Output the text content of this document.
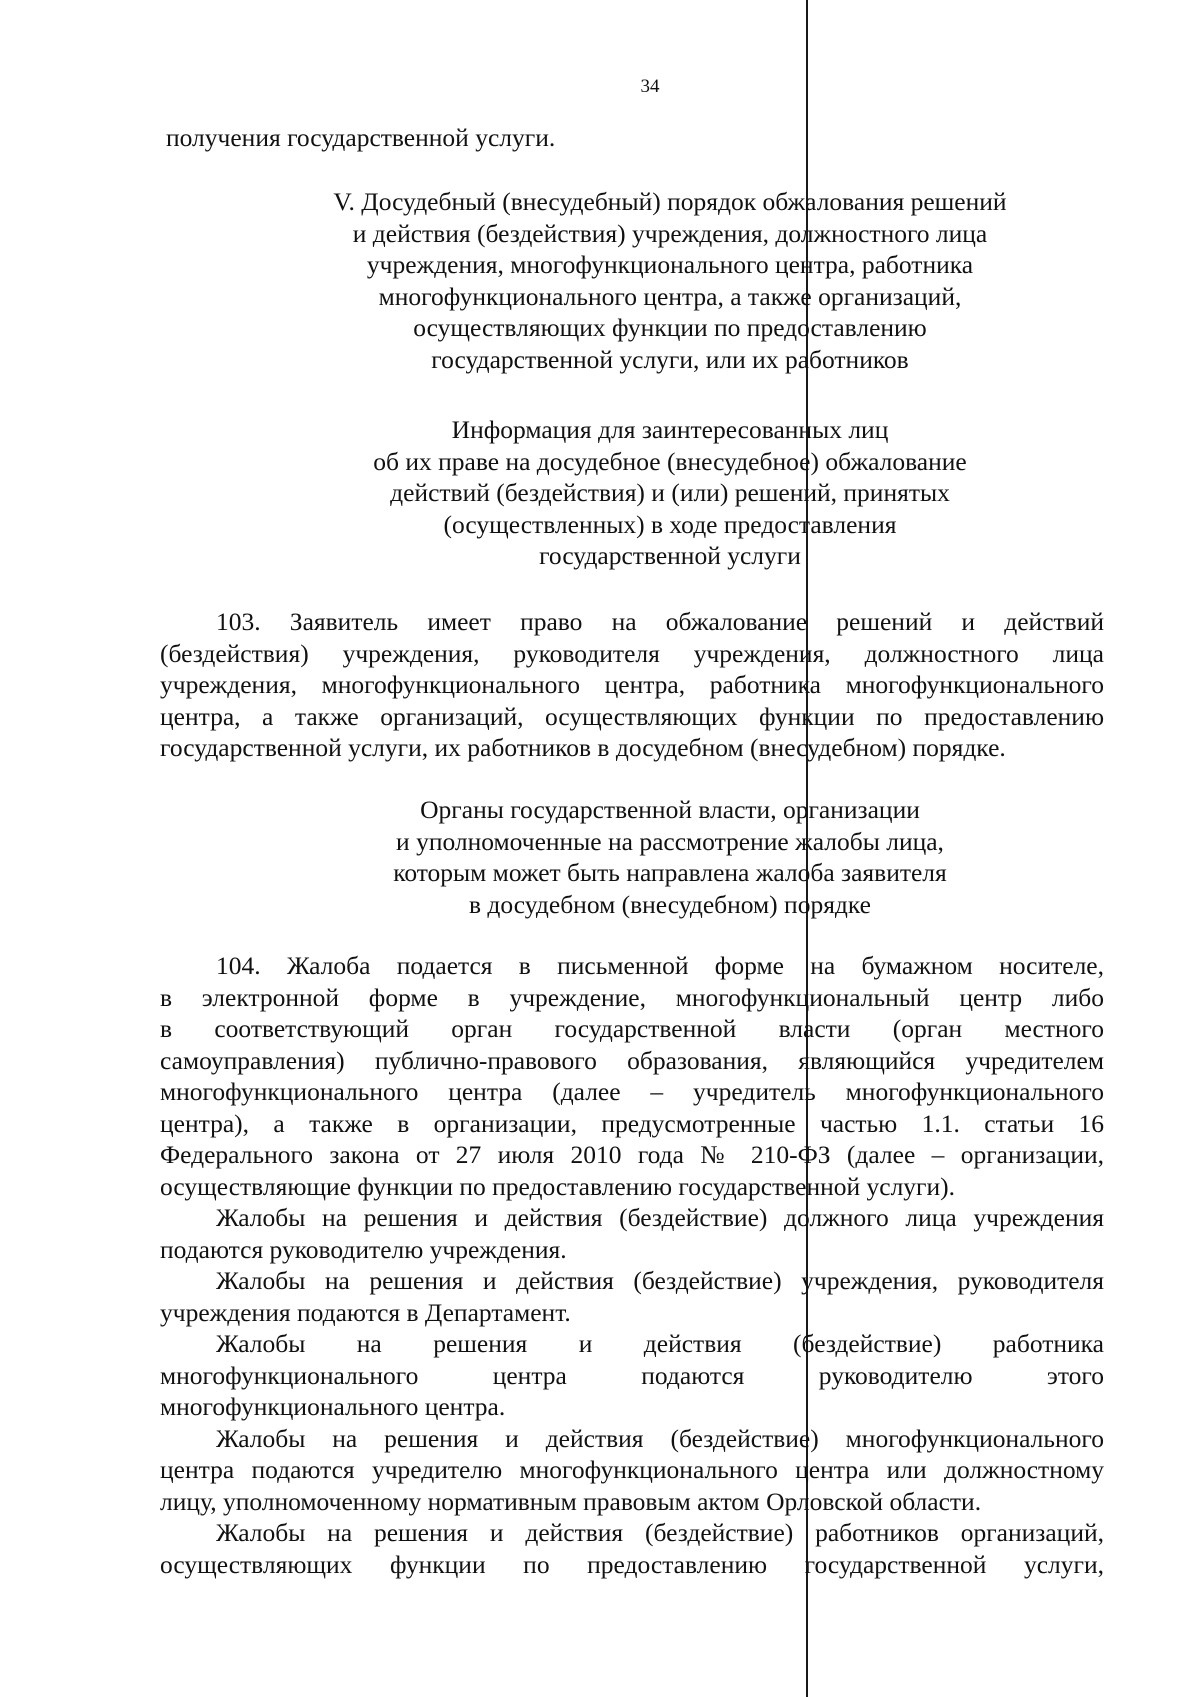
34
получения государственной услуги.
V. Досудебный (внесудебный) порядок обжалования решений
и действия (бездействия) учреждения, должностного лица
учреждения, многофункционального центра, работника
многофункционального центра, а также организаций,
осуществляющих функции по предоставлению
государственной услуги, или их работников
Информация для заинтересованных лиц
об их праве на досудебное (внесудебное) обжалование
действий (бездействия) и (или) решений, принятых
(осуществленных) в ходе предоставления
государственной услуги
103. Заявитель имеет право на обжалование решений и действий
(бездействия) учреждения, руководителя учреждения, должностного лица
учреждения, многофункционального центра, работника многофункционального
центра, а также организаций, осуществляющих функции по предоставлению
государственной услуги, их работников в досудебном (внесудебном) порядке.
Органы государственной власти, организации
и уполномоченные на рассмотрение жалобы лица,
которым может быть направлена жалоба заявителя
в досудебном (внесудебном) порядке
104. Жалоба подается в письменной форме на бумажном носителе,
в электронной форме в учреждение, многофункциональный центр либо
в соответствующий орган государственной власти (орган местного
самоуправления) публично-правового образования, являющийся учредителем
многофункционального центра (далее – учредитель многофункционального
центра), а также в организации, предусмотренные частью 1.1. статьи 16
Федерального закона от 27 июля 2010 года № 210-ФЗ (далее – организации,
осуществляющие функции по предоставлению государственной услуги).
Жалобы на решения и действия (бездействие) должного лица учреждения
подаются руководителю учреждения.
Жалобы на решения и действия (бездействие) учреждения, руководителя
учреждения подаются в Департамент.
Жалобы на решения и действия (бездействие) работника
многофункционального центра подаются руководителю этого
многофункционального центра.
Жалобы на решения и действия (бездействие) многофункционального
центра подаются учредителю многофункционального центра или должностному
лицу, уполномоченному нормативным правовым актом Орловской области.
Жалобы на решения и действия (бездействие) работников организаций,
осуществляющих функции по предоставлению государственной услуги,
